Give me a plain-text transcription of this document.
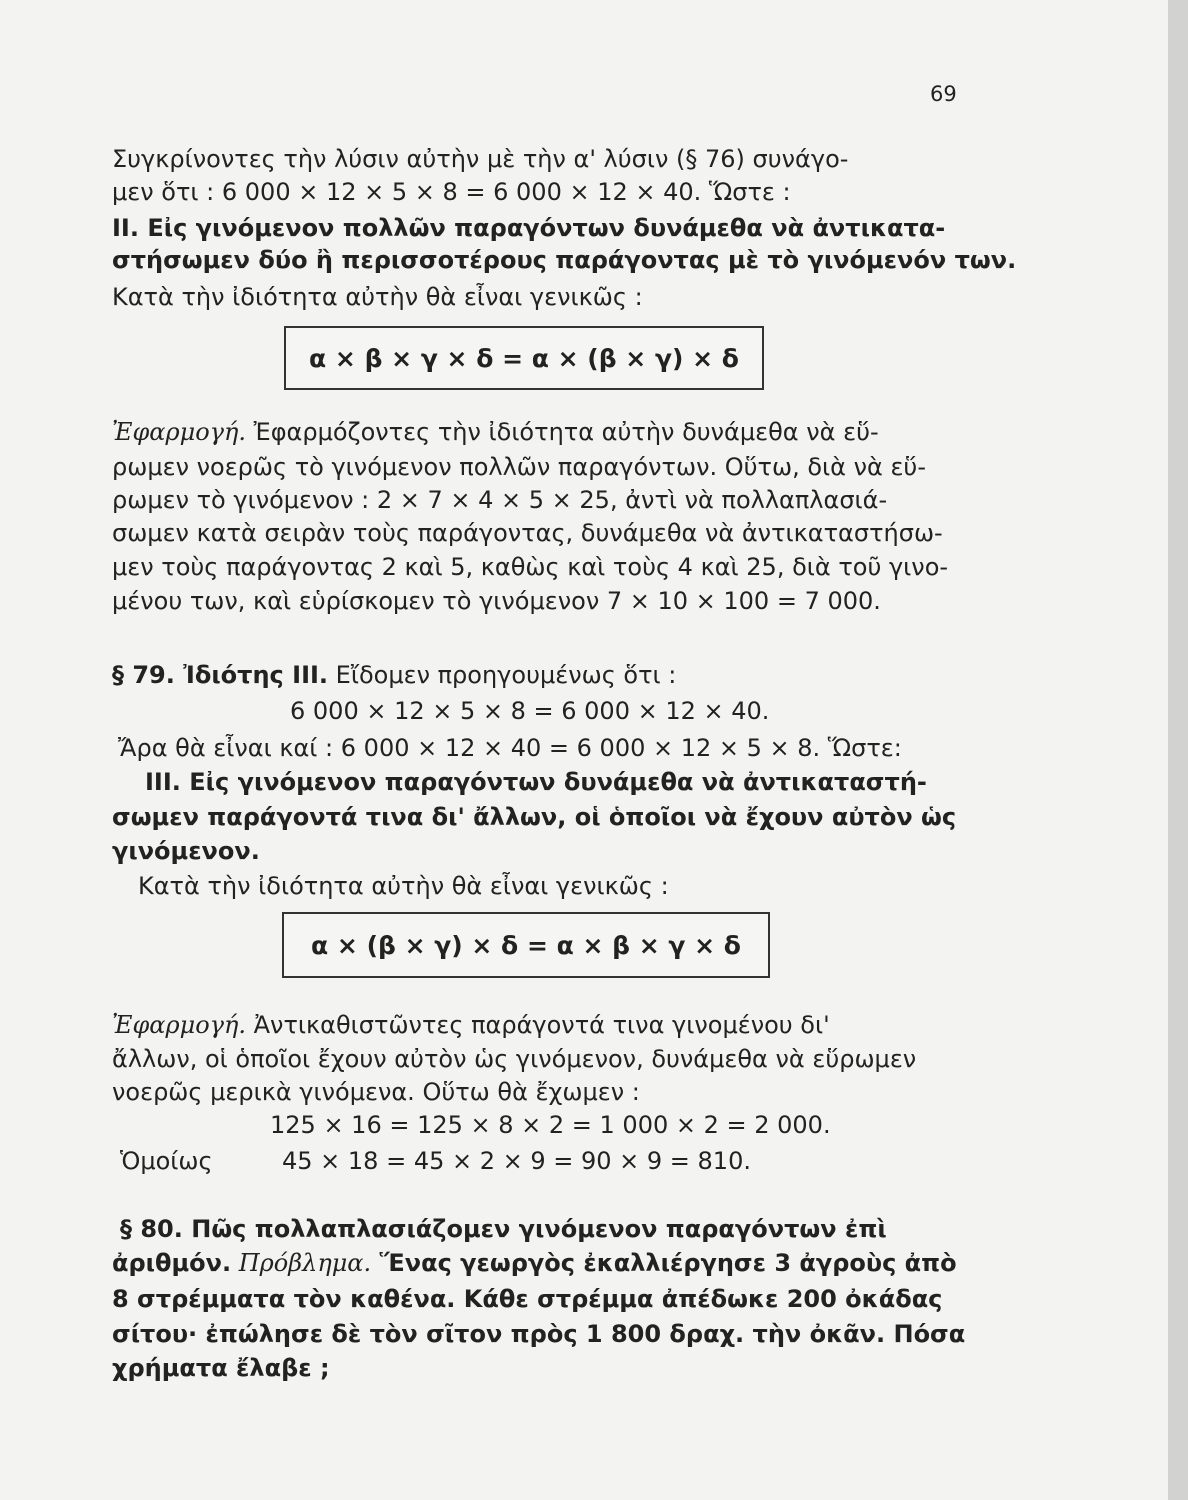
69
Συγκρίνοντες τὴν λύσιν αὐτὴν μὲ τὴν α' λύσιν (§ 76) συνάγο-
μεν ὅτι : 6 000 × 12 × 5 × 8 = 6 000 × 12 × 40. Ὥστε :
II. Εἰς γινόμενον πολλῶν παραγόντων δυνάμεθα νὰ ἀντικατα-
στήσωμεν δύο ἢ περισσοτέρους παράγοντας μὲ τὸ γινόμενόν των.
Κατὰ τὴν ἰδιότητα αὐτὴν θὰ εἶναι γενικῶς :
α × β × γ × δ = α × (β × γ) × δ
Ἐφαρμογή. Ἐφαρμόζοντες τὴν ἰδιότητα αὐτὴν δυνάμεθα νὰ εὕ-
ρωμεν νοερῶς τὸ γινόμενον πολλῶν παραγόντων. Οὕτω, διὰ νὰ εὕ-
ρωμεν τὸ γινόμενον : 2 × 7 × 4 × 5 × 25, ἀντὶ νὰ πολλαπλασιά-
σωμεν κατὰ σειρὰν τοὺς παράγοντας, δυνάμεθα νὰ ἀντικαταστήσω-
μεν τοὺς παράγοντας 2 καὶ 5, καθὼς καὶ τοὺς 4 καὶ 25, διὰ τοῦ γινο-
μένου των, καὶ εὑρίσκομεν τὸ γινόμενον 7 × 10 × 100 = 7 000.
§ 79. Ἰδιότης III. Εἴδομεν προηγουμένως ὅτι :
6 000 × 12 × 5 × 8 = 6 000 × 12 × 40.
Ἄρα θὰ εἶναι καί : 6 000 × 12 × 40 = 6 000 × 12 × 5 × 8. Ὥστε:
III. Εἰς γινόμενον παραγόντων δυνάμεθα νὰ ἀντικαταστή-
σωμεν παράγοντά τινα δι' ἄλλων, οἱ ὁποῖοι νὰ ἔχουν αὐτὸν ὡς
γινόμενον.
Κατὰ τὴν ἰδιότητα αὐτὴν θὰ εἶναι γενικῶς :
α × (β × γ) × δ = α × β × γ × δ
Ἐφαρμογή. Ἀντικαθιστῶντες παράγοντά τινα γινομένου δι'
ἄλλων, οἱ ὁποῖοι ἔχουν αὐτὸν ὡς γινόμενον, δυνάμεθα νὰ εὕρωμεν
νοερῶς μερικὰ γινόμενα. Οὕτω θὰ ἔχωμεν :
125 × 16 = 125 × 8 × 2 = 1 000 × 2 = 2 000.
Ὁμοίως	45 × 18 = 45 × 2 × 9 = 90 × 9 = 810.
§ 80. Πῶς πολλαπλασιάζομεν γινόμενον παραγόντων ἐπὶ
ἀριθμόν. Πρόβλημα. Ἕνας γεωργὸς ἐκαλλιέργησε 3 ἀγροὺς ἀπὸ
8 στρέμματα τὸν καθένα. Κάθε στρέμμα ἀπέδωκε 200 ὀκάδας
σίτου· ἐπώλησε δὲ τὸν σῖτον πρὸς 1 800 δραχ. τὴν ὀκᾶν. Πόσα
χρήματα ἔλαβε ;
